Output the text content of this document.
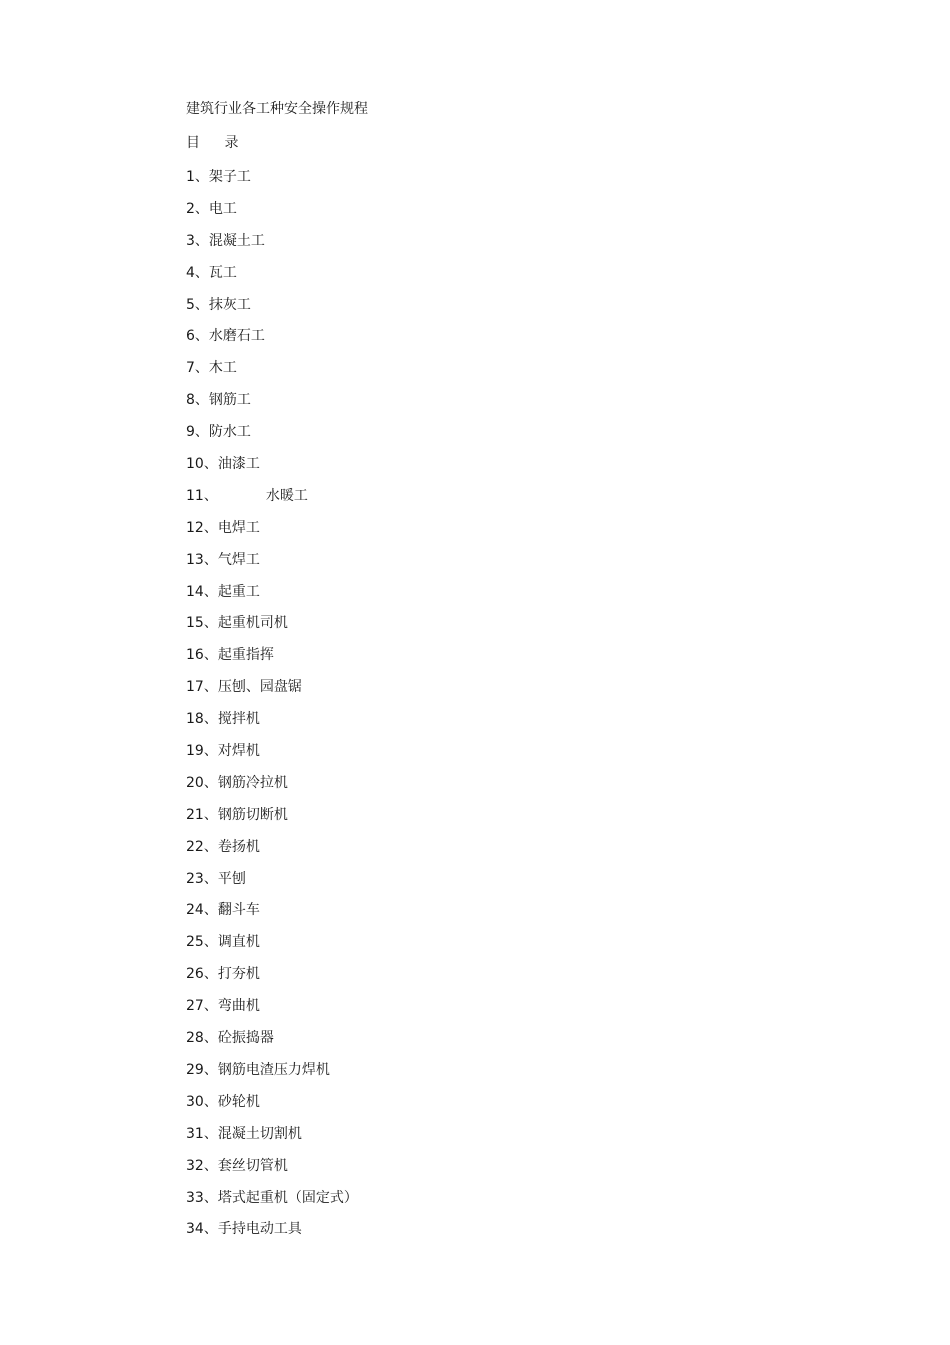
建筑行业各工种安全操作规程
目 录
1、架子工
2、电工
3、混凝土工
4、瓦工
5、抹灰工
6、水磨石工
7、木工
8、钢筋工
9、防水工
10、油漆工
11、	水暖工
12、电焊工
13、气焊工
14、起重工
15、起重机司机
16、起重指挥
17、压刨、园盘锯
18、搅拌机
19、对焊机
20、钢筋冷拉机
21、钢筋切断机
22、卷扬机
23、平刨
24、翻斗车
25、调直机
26、打夯机
27、弯曲机
28、砼振捣器
29、钢筋电渣压力焊机
30、砂轮机
31、混凝土切割机
32、套丝切管机
33、塔式起重机（固定式）
34、手持电动工具
